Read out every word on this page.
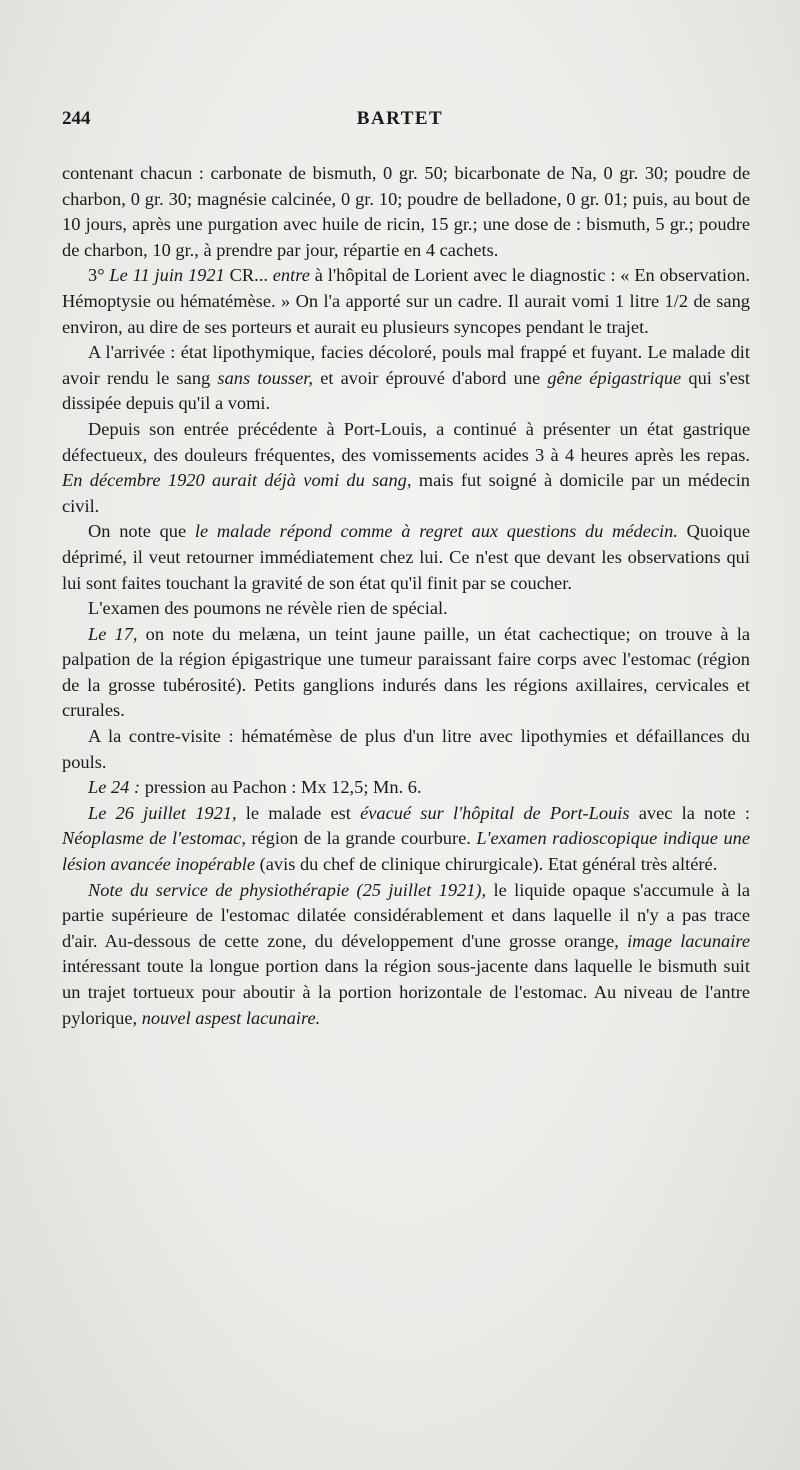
244	BARTET

contenant chacun : carbonate de bismuth, 0 gr. 50; bicarbonate de Na, 0 gr. 30; poudre de charbon, 0 gr. 30; magnésie calcinée, 0 gr. 10; poudre de belladone, 0 gr. 01; puis, au bout de 10 jours, après une purgation avec huile de ricin, 15 gr.; une dose de : bismuth, 5 gr.; poudre de charbon, 10 gr., à prendre par jour, répartie en 4 cachets.

3° Le 11 juin 1921 CR... entre à l'hôpital de Lorient avec le diagnostic : « En observation. Hémoptysie ou hématémèse. » On l'a apporté sur un cadre. Il aurait vomi 1 litre 1/2 de sang environ, au dire de ses porteurs et aurait eu plusieurs syncopes pendant le trajet.

A l'arrivée : état lipothymique, facies décoloré, pouls mal frappé et fuyant. Le malade dit avoir rendu le sang sans tousser, et avoir éprouvé d'abord une gêne épigastrique qui s'est dissipée depuis qu'il a vomi.

Depuis son entrée précédente à Port-Louis, a continué à présenter un état gastrique défectueux, des douleurs fréquentes, des vomissements acides 3 à 4 heures après les repas. En décembre 1920 aurait déjà vomi du sang, mais fut soigné à domicile par un médecin civil.

On note que le malade répond comme à regret aux questions du médecin. Quoique déprimé, il veut retourner immédiatement chez lui. Ce n'est que devant les observations qui lui sont faites touchant la gravité de son état qu'il finit par se coucher.

L'examen des poumons ne révèle rien de spécial.

Le 17, on note du melæna, un teint jaune paille, un état cachectique; on trouve à la palpation de la région épigastrique une tumeur paraissant faire corps avec l'estomac (région de la grosse tubérosité). Petits ganglions indurés dans les régions axillaires, cervicales et crurales.

A la contre-visite : hématémèse de plus d'un litre avec lipothymies et défaillances du pouls.

Le 24 : pression au Pachon : Mx 12,5; Mn. 6.

Le 26 juillet 1921, le malade est évacué sur l'hôpital de Port-Louis avec la note : Néoplasme de l'estomac, région de la grande courbure. L'examen radioscopique indique une lésion avancée inopérable (avis du chef de clinique chirurgicale). Etat général très altéré.

Note du service de physiothérapie (25 juillet 1921), le liquide opaque s'accumule à la partie supérieure de l'estomac dilatée considérablement et dans laquelle il n'y a pas trace d'air. Au-dessous de cette zone, du développement d'une grosse orange, image lacunaire intéressant toute la longue portion dans la région sous-jacente dans laquelle le bismuth suit un trajet tortueux pour aboutir à la portion horizontale de l'estomac. Au niveau de l'antre pylorique, nouvel aspest lacunaire.
